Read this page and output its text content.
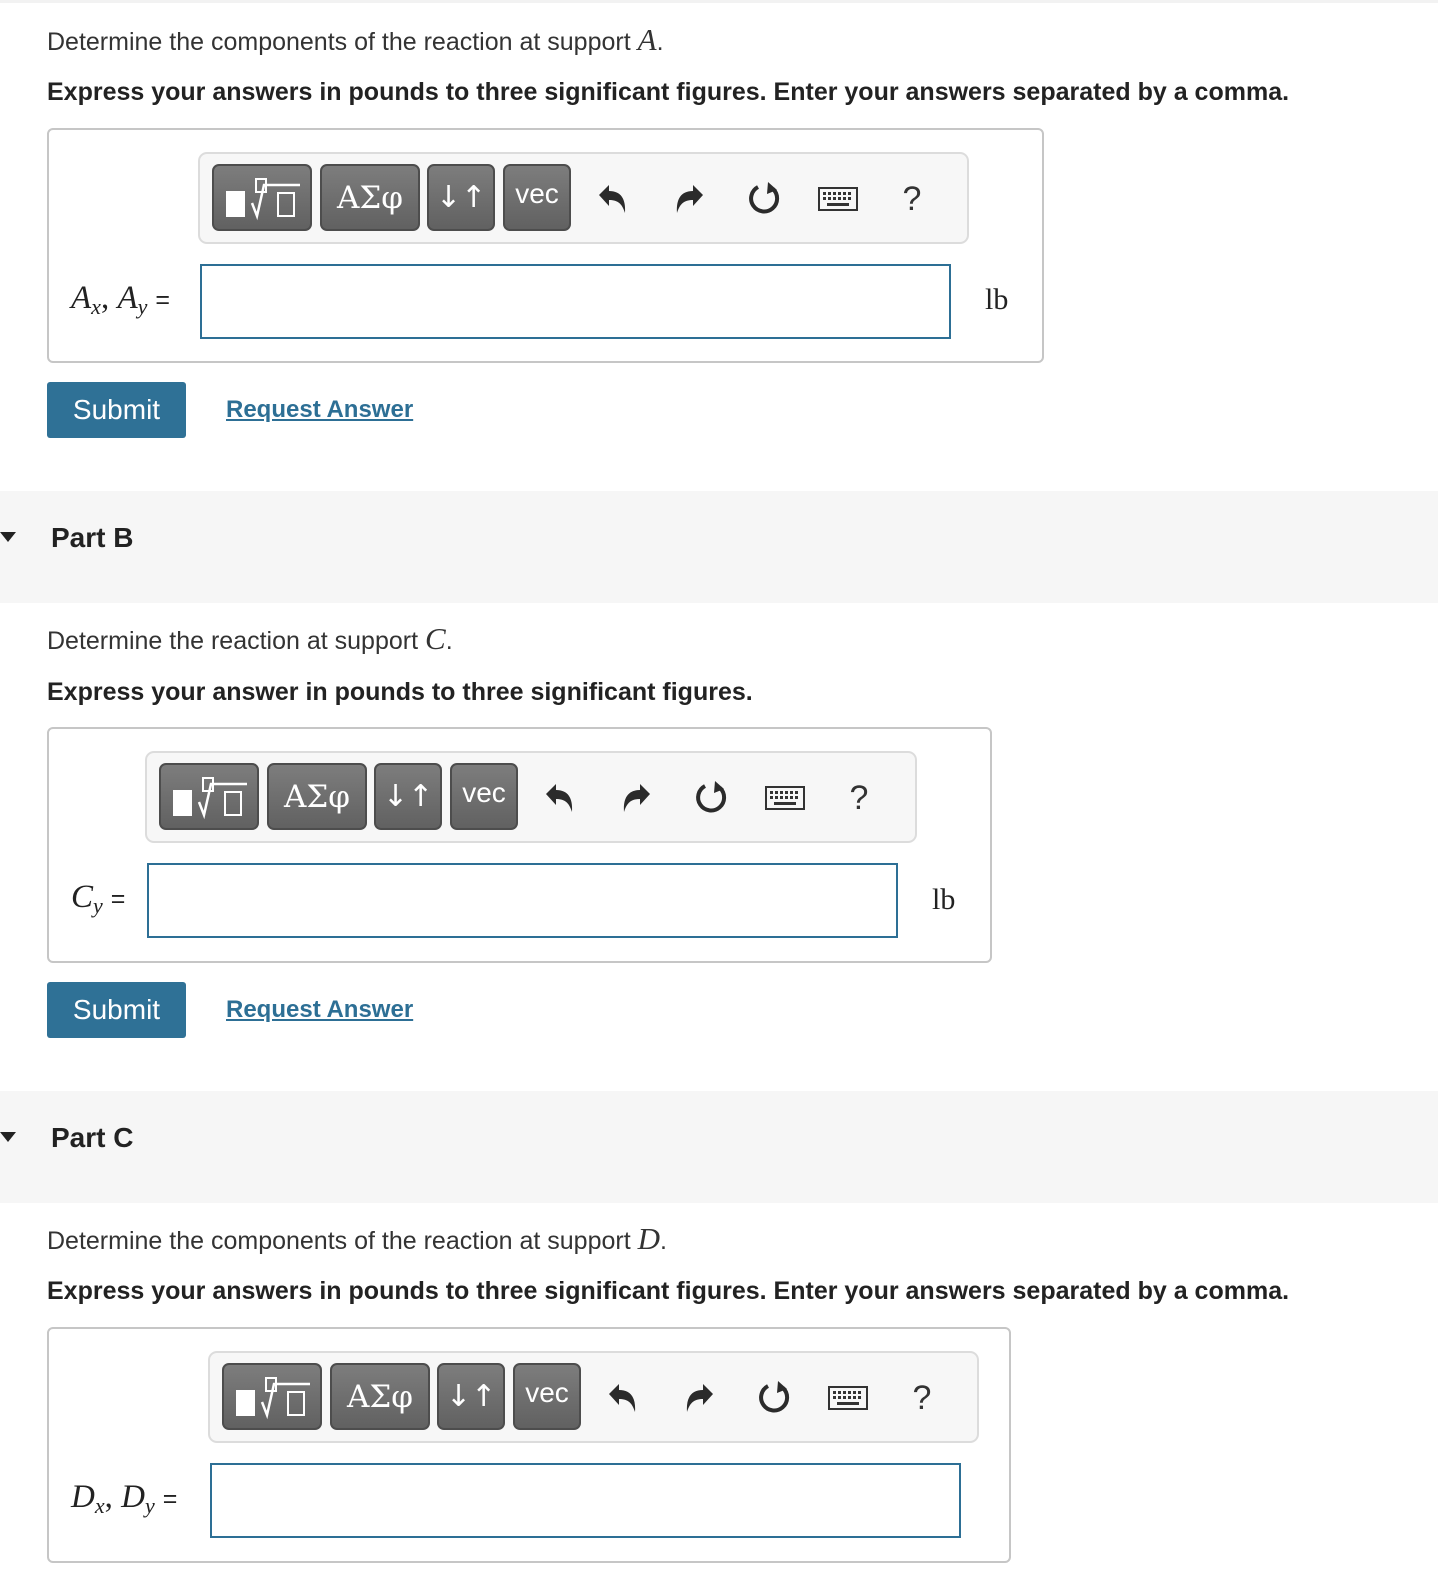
Determine the components of the reaction at support A.
Express your answers in pounds to three significant figures. Enter your answers separated by a comma.
ΑΣφ	↓↑	vec	?
$A_x$, $A_y$ =	lb
Submit	Request Answer
Part B
Determine the reaction at support C.
Express your answer in pounds to three significant figures.
ΑΣφ	↓↑	vec	?
$C_y$ =	lb
Submit	Request Answer
Part C
Determine the components of the reaction at support D.
Express your answers in pounds to three significant figures. Enter your answers separated by a comma.
ΑΣφ	↓↑	vec	?
$D_x$, $D_y$ =
